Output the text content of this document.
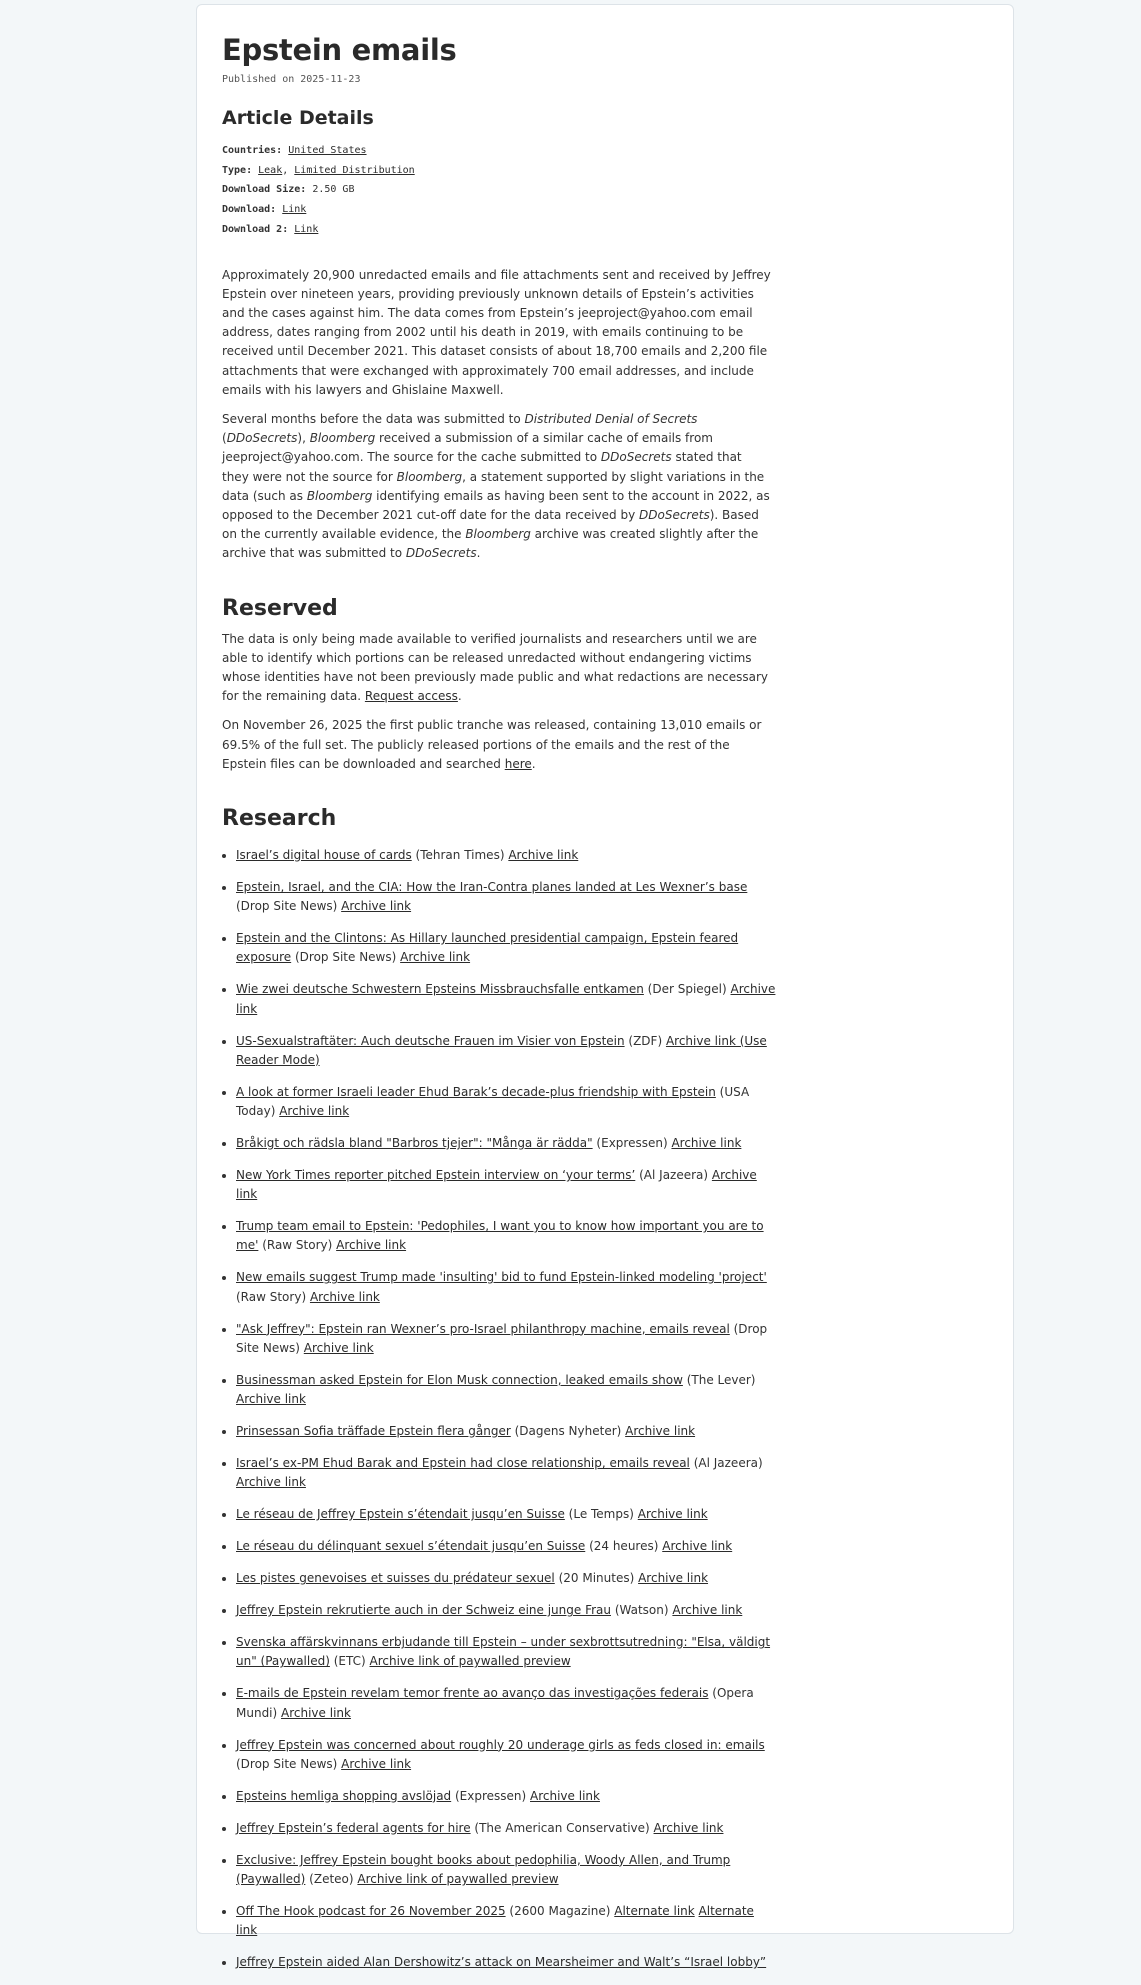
Epstein emails
Published on 2025-11-23
Article Details
Countries: United States
Type: Leak, Limited Distribution
Download Size: 2.50 GB
Download: Link
Download 2: Link

Approximately 20,900 unredacted emails and file attachments sent and received by Jeffrey Epstein over nineteen years, providing previously unknown details of Epstein’s activities and the cases against him. The data comes from Epstein’s jeeproject@yahoo.com email address, dates ranging from 2002 until his death in 2019, with emails continuing to be received until December 2021. This dataset consists of about 18,700 emails and 2,200 file attachments that were exchanged with approximately 700 email addresses, and include emails with his lawyers and Ghislaine Maxwell.

Several months before the data was submitted to Distributed Denial of Secrets (DDoSecrets), Bloomberg received a submission of a similar cache of emails from jeeproject@yahoo.com. The source for the cache submitted to DDoSecrets stated that they were not the source for Bloomberg, a statement supported by slight variations in the data (such as Bloomberg identifying emails as having been sent to the account in 2022, as opposed to the December 2021 cut-off date for the data received by DDoSecrets). Based on the currently available evidence, the Bloomberg archive was created slightly after the archive that was submitted to DDoSecrets.

Reserved

The data is only being made available to verified journalists and researchers until we are able to identify which portions can be released unredacted without endangering victims whose identities have not been previously made public and what redactions are necessary for the remaining data. Request access.

On November 26, 2025 the first public tranche was released, containing 13,010 emails or 69.5% of the full set. The publicly released portions of the emails and the rest of the Epstein files can be downloaded and searched here.

Research
• Israel’s digital house of cards (Tehran Times) Archive link
• Epstein, Israel, and the CIA: How the Iran-Contra planes landed at Les Wexner’s base (Drop Site News) Archive link
• Epstein and the Clintons: As Hillary launched presidential campaign, Epstein feared exposure (Drop Site News) Archive link
• Wie zwei deutsche Schwestern Epsteins Missbrauchsfalle entkamen (Der Spiegel) Archive link
• US-Sexualstraftäter: Auch deutsche Frauen im Visier von Epstein (ZDF) Archive link (Use Reader Mode)
• A look at former Israeli leader Ehud Barak’s decade-plus friendship with Epstein (USA Today) Archive link
• Bråkigt och rädsla bland "Barbros tjejer": "Många är rädda" (Expressen) Archive link
• New York Times reporter pitched Epstein interview on ‘your terms’ (Al Jazeera) Archive link
• Trump team email to Epstein: 'Pedophiles, I want you to know how important you are to me' (Raw Story) Archive link
• New emails suggest Trump made 'insulting' bid to fund Epstein-linked modeling 'project' (Raw Story) Archive link
• "Ask Jeffrey": Epstein ran Wexner’s pro-Israel philanthropy machine, emails reveal (Drop Site News) Archive link
• Businessman asked Epstein for Elon Musk connection, leaked emails show (The Lever) Archive link
• Prinsessan Sofia träffade Epstein flera gånger (Dagens Nyheter) Archive link
• Israel’s ex-PM Ehud Barak and Epstein had close relationship, emails reveal (Al Jazeera) Archive link
• Le réseau de Jeffrey Epstein s’étendait jusqu’en Suisse (Le Temps) Archive link
• Le réseau du délinquant sexuel s’étendait jusqu’en Suisse (24 heures) Archive link
• Les pistes genevoises et suisses du prédateur sexuel (20 Minutes) Archive link
• Jeffrey Epstein rekrutierte auch in der Schweiz eine junge Frau (Watson) Archive link
• Svenska affärskvinnans erbjudande till Epstein – under sexbrottsutredning: "Elsa, väldigt un" (Paywalled) (ETC) Archive link of paywalled preview
• E-mails de Epstein revelam temor frente ao avanço das investigações federais (Opera Mundi) Archive link
• Jeffrey Epstein was concerned about roughly 20 underage girls as feds closed in: emails (Drop Site News) Archive link
• Epsteins hemliga shopping avslöjad (Expressen) Archive link
• Jeffrey Epstein’s federal agents for hire (The American Conservative) Archive link
• Exclusive: Jeffrey Epstein bought books about pedophilia, Woody Allen, and Trump (Paywalled) (Zeteo) Archive link of paywalled preview
• Off The Hook podcast for 26 November 2025 (2600 Magazine) Alternate link Alternate link
• Jeffrey Epstein aided Alan Dershowitz’s attack on Mearsheimer and Walt’s “Israel lobby”
